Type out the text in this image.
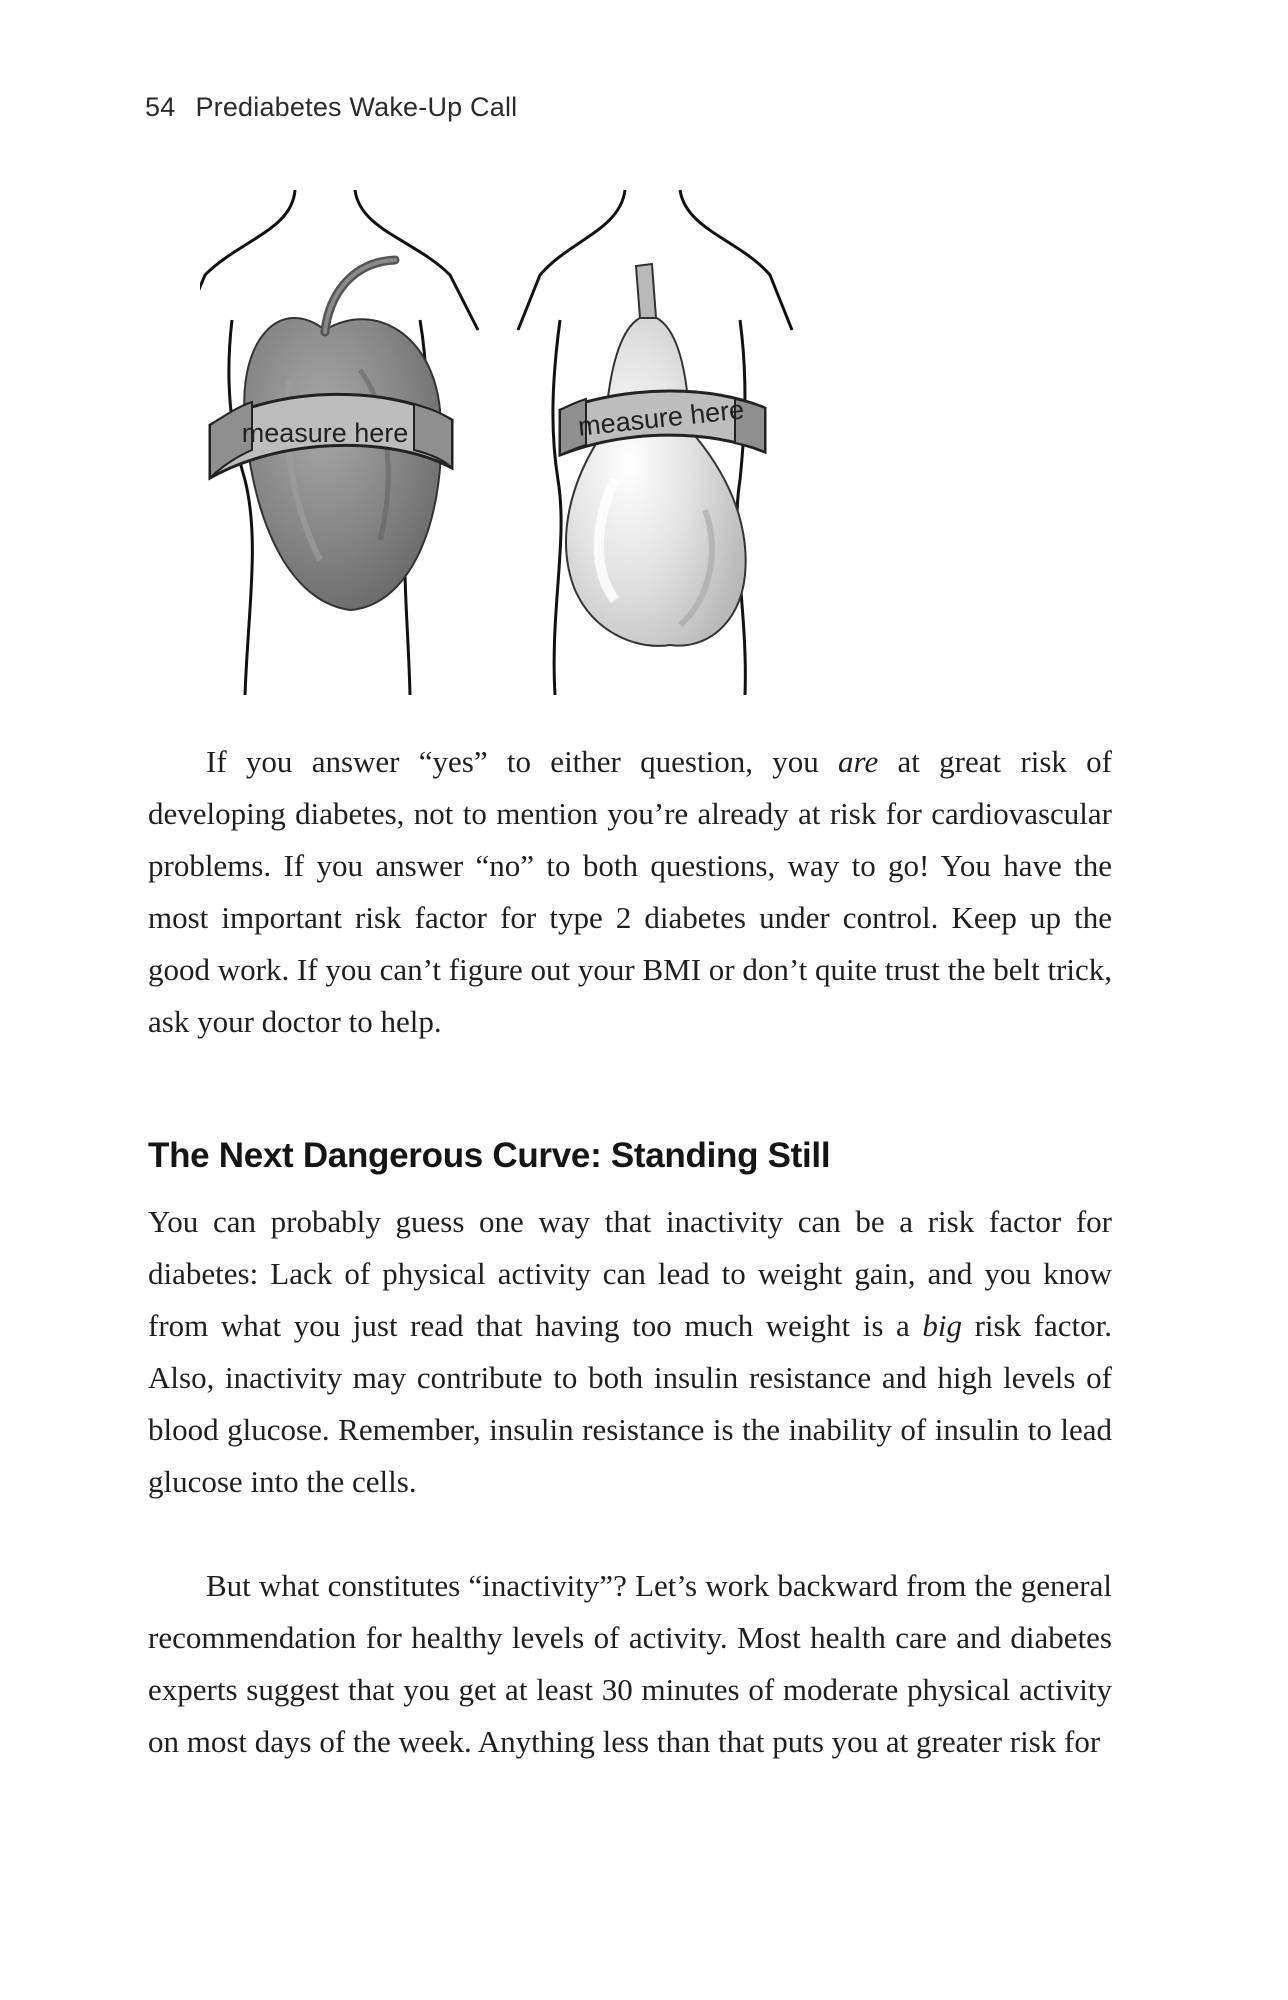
54 Prediabetes Wake-Up Call
measure here	measure here

If you answer “yes” to either question, you are at great risk of developing diabetes, not to mention you’re already at risk for cardiovascular problems. If you answer “no” to both questions, way to go! You have the most important risk factor for type 2 diabetes under control. Keep up the good work. If you can’t figure out your BMI or don’t quite trust the belt trick, ask your doctor to help.

The Next Dangerous Curve: Standing Still

You can probably guess one way that inactivity can be a risk factor for diabetes: Lack of physical activity can lead to weight gain, and you know from what you just read that having too much weight is a big risk factor. Also, inactivity may contribute to both insulin resistance and high levels of blood glucose. Remember, insulin resistance is the inability of insulin to lead glucose into the cells.

But what constitutes “inactivity”? Let’s work backward from the general recommendation for healthy levels of activity. Most health care and diabetes experts suggest that you get at least 30 minutes of moderate physical activity on most days of the week. Anything less than that puts you at greater risk for
